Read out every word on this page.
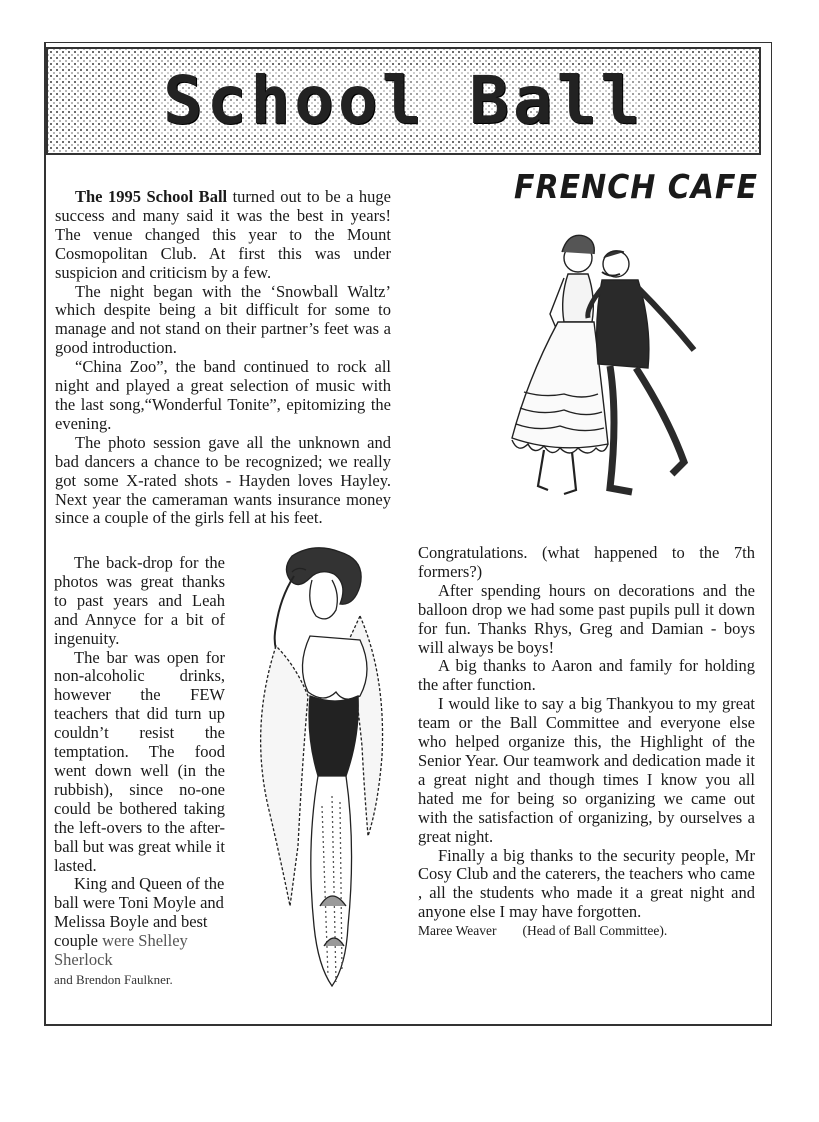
School Ball

The 1995 School Ball turned out to be a huge success and many said it was the best in years! The venue changed this year to the Mount Cosmopolitan Club. At first this was under suspicion and criticism by a few.

The night began with the ‘Snowball Waltz’ which despite being a bit difficult for some to manage and not stand on their partner’s feet was a good introduction.

“China Zoo”, the band continued to rock all night and played a great selection of music with the last song,“Wonderful Tonite”, epitomizing the evening.

The photo session gave all the unknown and bad dancers a chance to be recognized; we really got some X-rated shots - Hayden loves Hayley. Next year the cameraman wants insurance money since a couple of the girls fell at his feet.

The back-drop for the photos was great thanks to past years and Leah and Annyce for a bit of ingenuity.

The bar was open for non-alcoholic drinks, however the FEW teachers that did turn up couldn’t resist the temptation. The food went down well (in the rubbish), since no-one could be bothered taking the left-overs to the after-ball but was great while it lasted.

King and Queen of the ball were Toni Moyle and Melissa Boyle and best couple were Shelley Sherlock
and Brendon Faulkner.

FRENCH CAFE

Congratulations. (what happened to the 7th formers?)

After spending hours on decorations and the balloon drop we had some past pupils pull it down for fun. Thanks Rhys, Greg and Damian - boys will always be boys!

A big thanks to Aaron and family for holding the after function.

I would like to say a big Thankyou to my great team or the Ball Committee and everyone else who helped organize this, the Highlight of the Senior Year. Our teamwork and dedication made it a great night and though times I know you all hated me for being so organizing we came out with the satisfaction of organizing, by ourselves a great night.

Finally a big thanks to the security people, Mr Cosy Club and the caterers, the teachers who came , all the students who made it a great night and anyone else I may have forgotten.

Maree Weaver (Head of Ball Committee).
